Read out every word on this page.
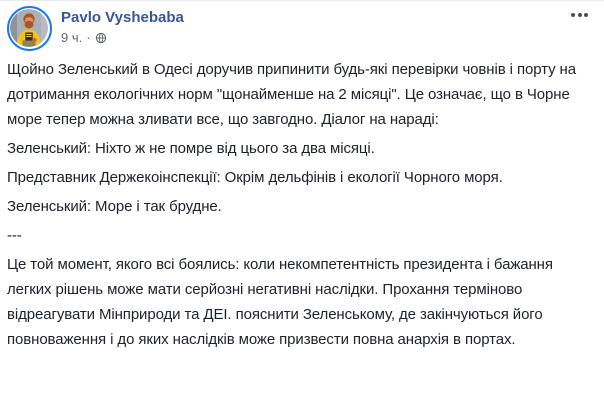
Pavlo Vyshebaba
9 ч. ·

Щойно Зеленський в Одесі доручив припинити будь-які перевірки човнів і порту на дотримання екологічних норм "щонайменше на 2 місяці". Це означає, що в Чорне море тепер можна зливати все, що завгодно. Діалог на нараді:

Зеленський: Ніхто ж не помре від цього за два місяці.

Представник Держекоінспекції: Окрім дельфінів і екології Чорного моря.

Зеленський: Море і так брудне.

---

Це той момент, якого всі боялись: коли некомпетентність президента і бажання легких рішень може мати серйозні негативні наслідки. Прохання терміново відреагувати Мінприроди та ДЕІ. пояснити Зеленському, де закінчуються його повноваження і до яких наслідків може призвести повна анархія в портах.
